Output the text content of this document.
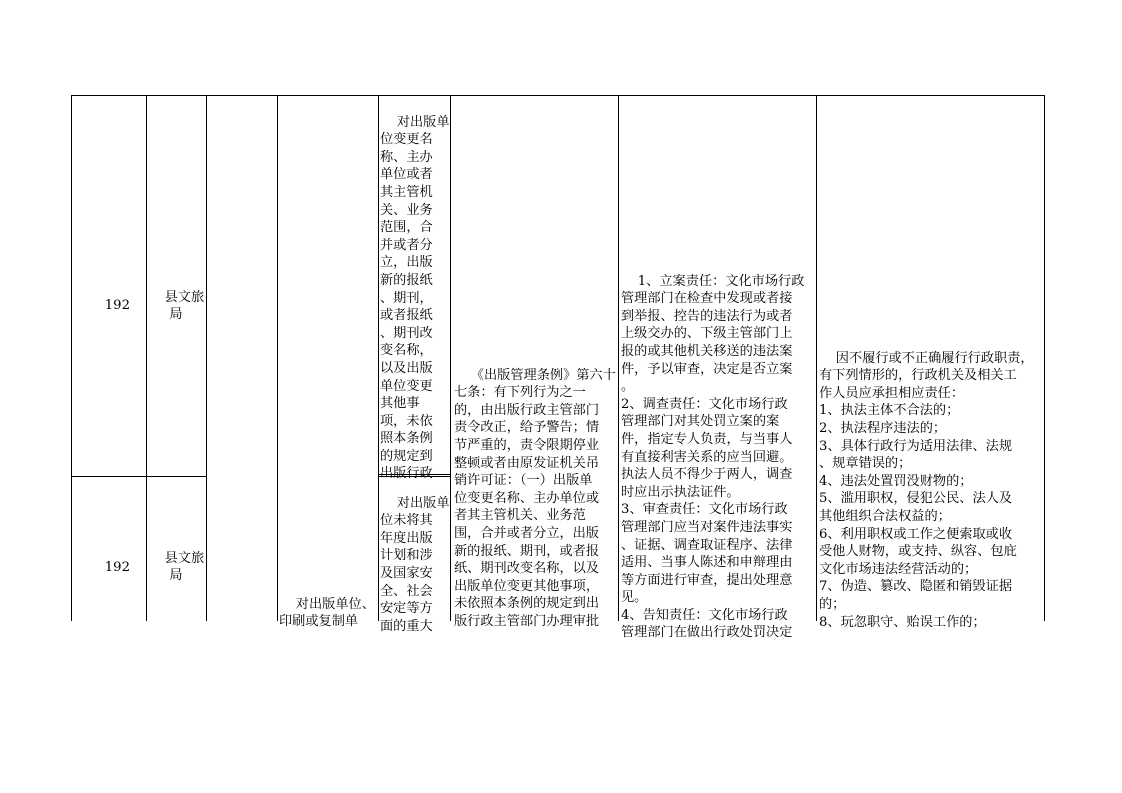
192

县文旅
局

对出版单
位变更名
称、主办
单位或者
其主管机
关、业务
范围，合
并或者分
立，出版
新的报纸
、期刊，
或者报纸
、期刊改
变名称，
以及出版
单位变更
其他事
项，未依
照本条例
的规定到
出版行政

192

县文旅
局

对出版单
位未将其
年度出版
计划和涉
及国家安
全、社会
安定等方
面的重大

对出版单位、
印刷或复制单

《出版管理条例》第六十
七条：有下列行为之一
的，由出版行政主管部门
责令改正，给予警告；情
节严重的，责令限期停业
整顿或者由原发证机关吊
销许可证：（一）出版单
位变更名称、主办单位或
者其主管机关、业务范
围，合并或者分立，出版
新的报纸、期刊，或者报
纸、期刊改变名称，以及
出版单位变更其他事项，
未依照本条例的规定到出
版行政主管部门办理审批

1、立案责任：文化市场行政
管理部门在检查中发现或者接
到举报、控告的违法行为或者
上级交办的、下级主管部门上
报的或其他机关移送的违法案
件，予以审查，决定是否立案
。
2、调查责任：文化市场行政
管理部门对其处罚立案的案
件，指定专人负责，与当事人
有直接利害关系的应当回避。
执法人员不得少于两人，调查
时应出示执法证件。
3、审查责任：文化市场行政
管理部门应当对案件违法事实
、证据、调查取证程序、法律
适用、当事人陈述和申辩理由
等方面进行审查，提出处理意
见。
4、告知责任：文化市场行政
管理部门在做出行政处罚决定

因不履行或不正确履行行政职责，
有下列情形的，行政机关及相关工
作人员应承担相应责任：
1、执法主体不合法的；
2、执法程序违法的；
3、具体行政行为适用法律、法规
、规章错误的；
4、违法处置罚没财物的；
5、滥用职权，侵犯公民、法人及
其他组织合法权益的；
6、利用职权或工作之便索取或收
受他人财物，或支持、纵容、包庇
文化市场违法经营活动的；
7、伪造、篡改、隐匿和销毁证据
的；
8、玩忽职守、贻误工作的；
